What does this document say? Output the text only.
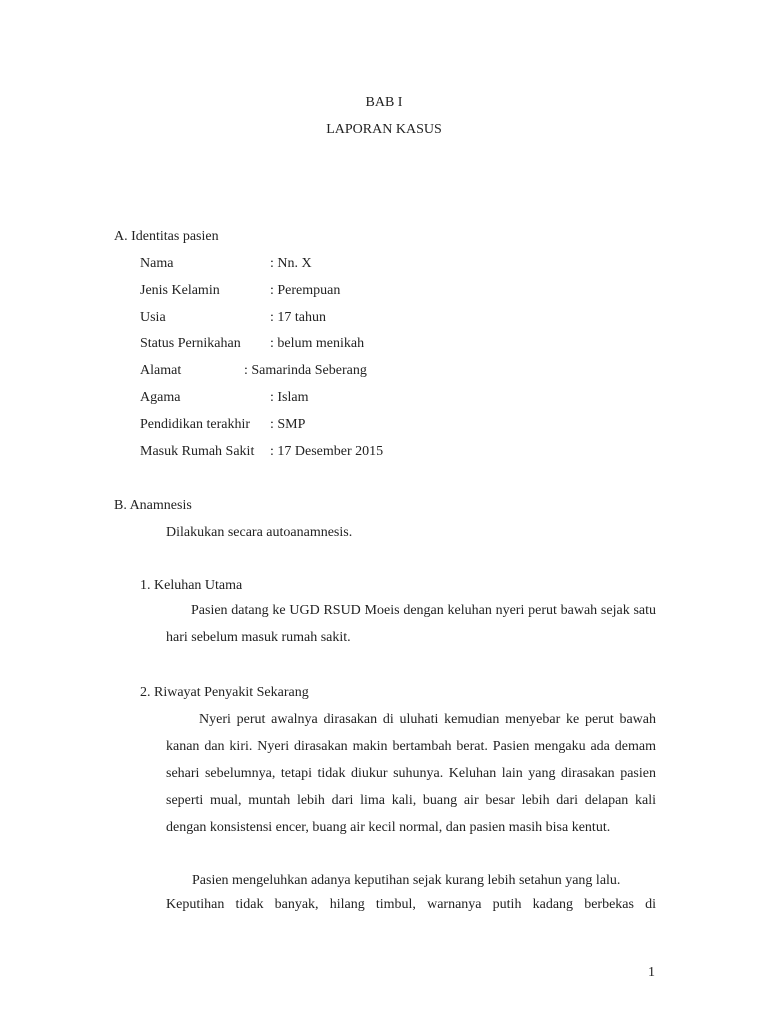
BAB I
LAPORAN KASUS
A. Identitas pasien
Nama	: Nn. X
Jenis Kelamin	: Perempuan
Usia	: 17 tahun
Status Pernikahan : belum menikah
Alamat	: Samarinda Seberang
Agama	: Islam
Pendidikan terakhir : SMP
Masuk Rumah Sakit : 17 Desember 2015
B. Anamnesis
Dilakukan secara autoanamnesis.
1. Keluhan Utama
Pasien datang ke UGD RSUD Moeis dengan keluhan nyeri perut bawah sejak satu hari sebelum masuk rumah sakit.
2. Riwayat Penyakit Sekarang
Nyeri perut awalnya dirasakan di uluhati kemudian menyebar ke perut bawah kanan dan kiri. Nyeri dirasakan makin bertambah berat. Pasien mengaku ada demam sehari sebelumnya, tetapi tidak diukur suhunya. Keluhan lain yang dirasakan pasien seperti mual, muntah lebih dari lima kali, buang air besar lebih dari delapan kali dengan konsistensi encer, buang air kecil normal, dan pasien masih bisa kentut.
Pasien mengeluhkan adanya keputihan sejak kurang lebih setahun yang lalu.
Keputihan tidak banyak, hilang timbul, warnanya putih kadang berbekas di
1
